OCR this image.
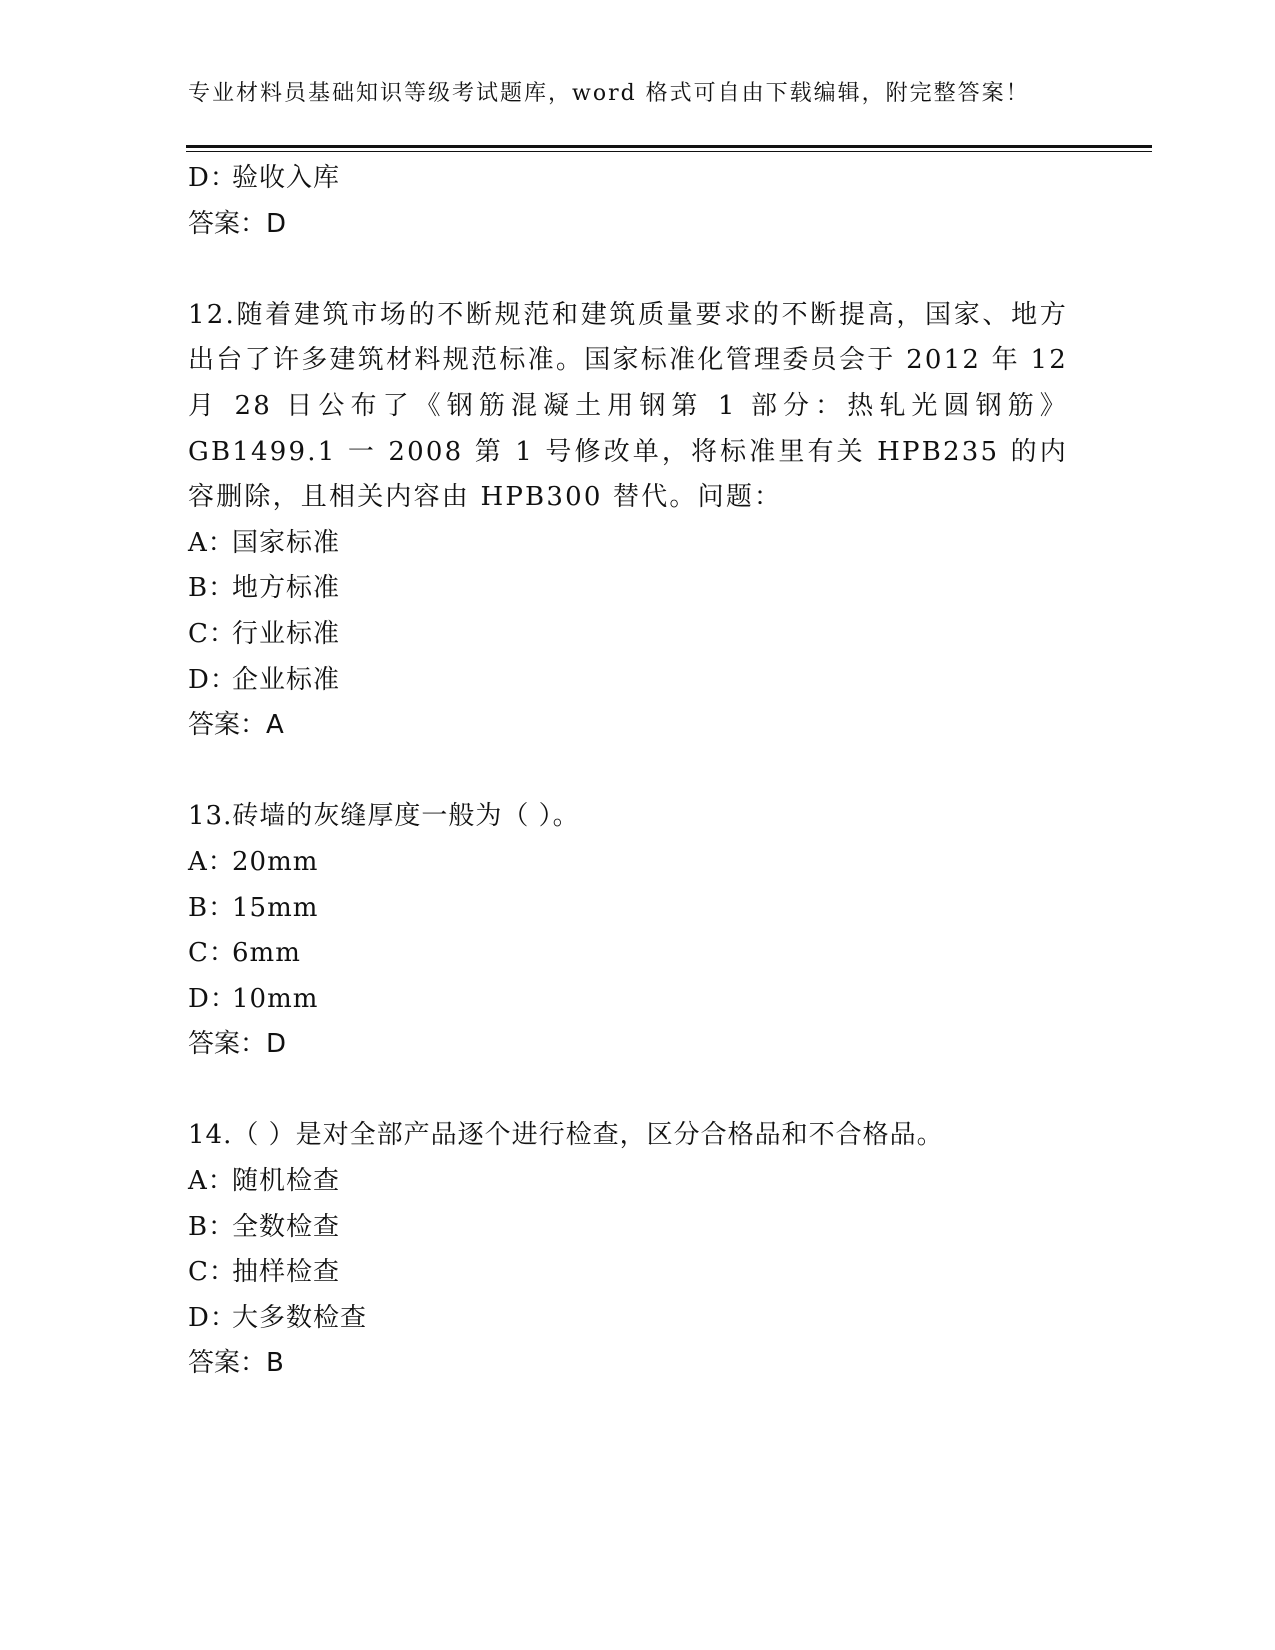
专业材料员基础知识等级考试题库，word 格式可自由下载编辑，附完整答案！
D：验收入库
答案：D
12.随着建筑市场的不断规范和建筑质量要求的不断提高，国家、地方出台了许多建筑材料规范标准。国家标准化管理委员会于 2012 年 12 月 28 日公布了《钢筋混凝土用钢第 1 部分：热轧光圆钢筋》GB1499.1 一 2008 第 1 号修改单，将标准里有关 HPB235 的内容删除，且相关内容由 HPB300 替代。问题：
A：国家标准
B：地方标准
C：行业标准
D：企业标准
答案：A
13.砖墙的灰缝厚度一般为（ ）。
A：20mm
B：15mm
C：6mm
D：10mm
答案：D
14.（ ）是对全部产品逐个进行检查，区分合格品和不合格品。
A：随机检查
B：全数检查
C：抽样检查
D：大多数检查
答案：B
